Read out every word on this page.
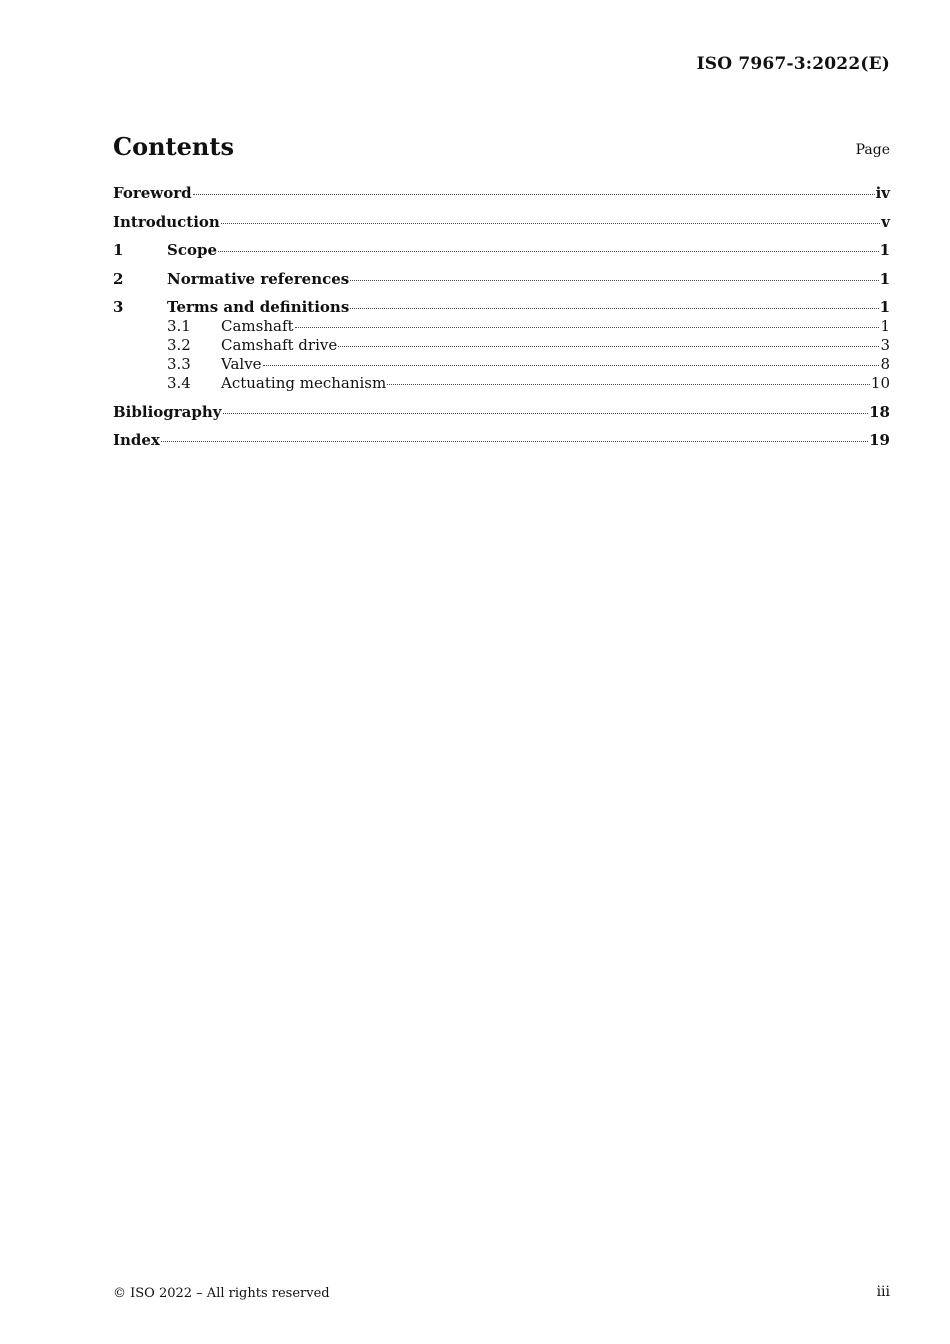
ISO 7967-3:2022(E)
Contents	Page
Foreword	iv
Introduction	v
1	Scope	1
2	Normative references	1
3	Terms and definitions	1
3.1	Camshaft	1
3.2	Camshaft drive	3
3.3	Valve	8
3.4	Actuating mechanism	10
Bibliography	18
Index	19
© ISO 2022 – All rights reserved	iii
